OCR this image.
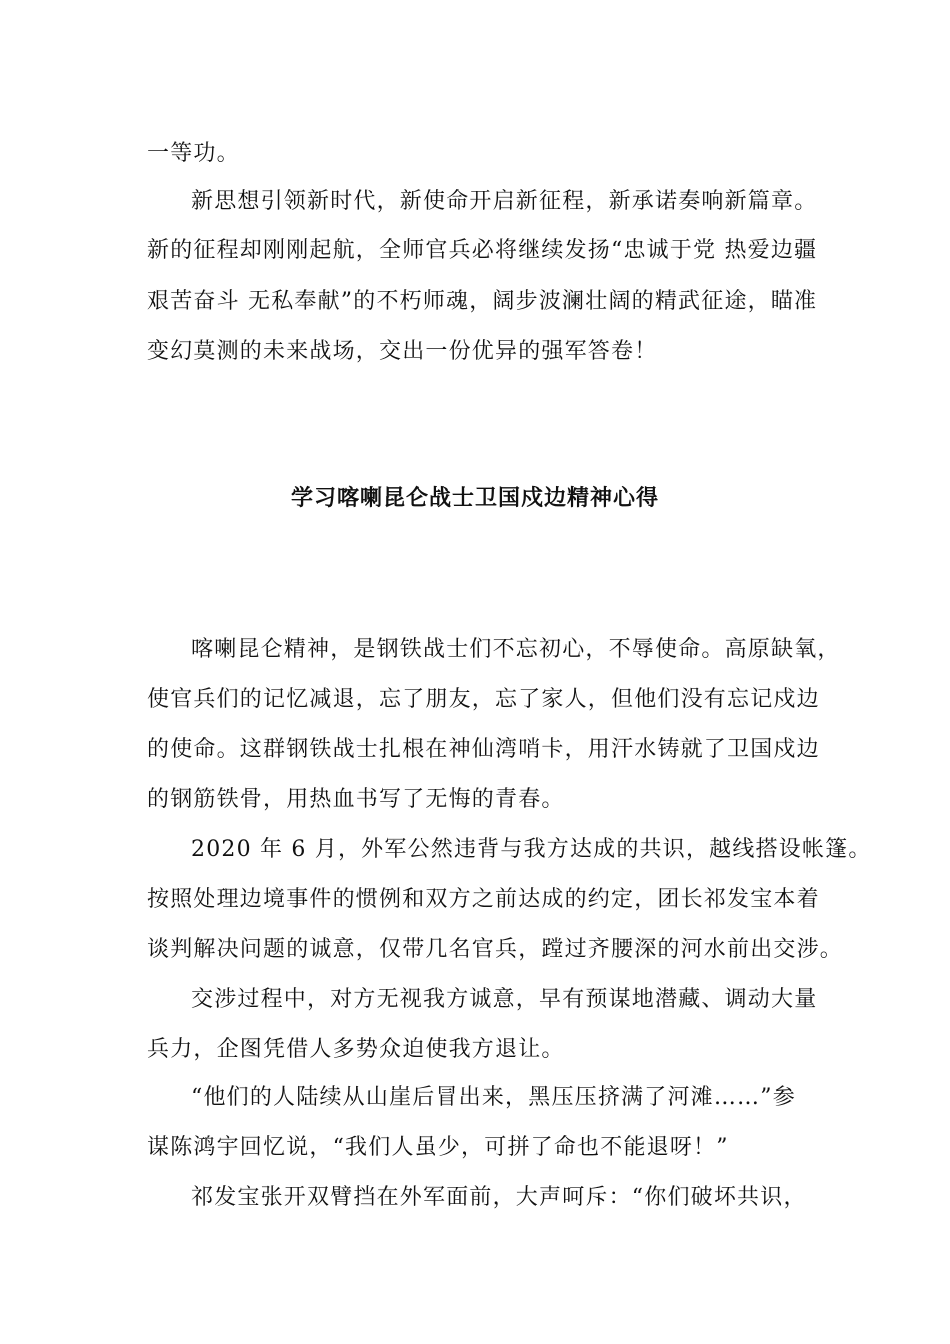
一等功。
新思想引领新时代，新使命开启新征程，新承诺奏响新篇章。
新的征程却刚刚起航，全师官兵必将继续发扬“忠诚于党 热爱边疆
艰苦奋斗 无私奉献”的不朽师魂，阔步波澜壮阔的精武征途，瞄准
变幻莫测的未来战场，交出一份优异的强军答卷！
学习喀喇昆仑战士卫国戍边精神心得
喀喇昆仑精神，是钢铁战士们不忘初心，不辱使命。高原缺氧，
使官兵们的记忆减退，忘了朋友，忘了家人，但他们没有忘记戍边
的使命。这群钢铁战士扎根在神仙湾哨卡，用汗水铸就了卫国戍边
的钢筋铁骨，用热血书写了无悔的青春。
2020 年 6 月，外军公然违背与我方达成的共识，越线搭设帐篷。
按照处理边境事件的惯例和双方之前达成的约定，团长祁发宝本着
谈判解决问题的诚意，仅带几名官兵，蹚过齐腰深的河水前出交涉。
交涉过程中，对方无视我方诚意，早有预谋地潜藏、调动大量
兵力，企图凭借人多势众迫使我方退让。
“他们的人陆续从山崖后冒出来，黑压压挤满了河滩……”参
谋陈鸿宇回忆说，“我们人虽少，可拼了命也不能退呀！”
祁发宝张开双臂挡在外军面前，大声呵斥：“你们破坏共识，
